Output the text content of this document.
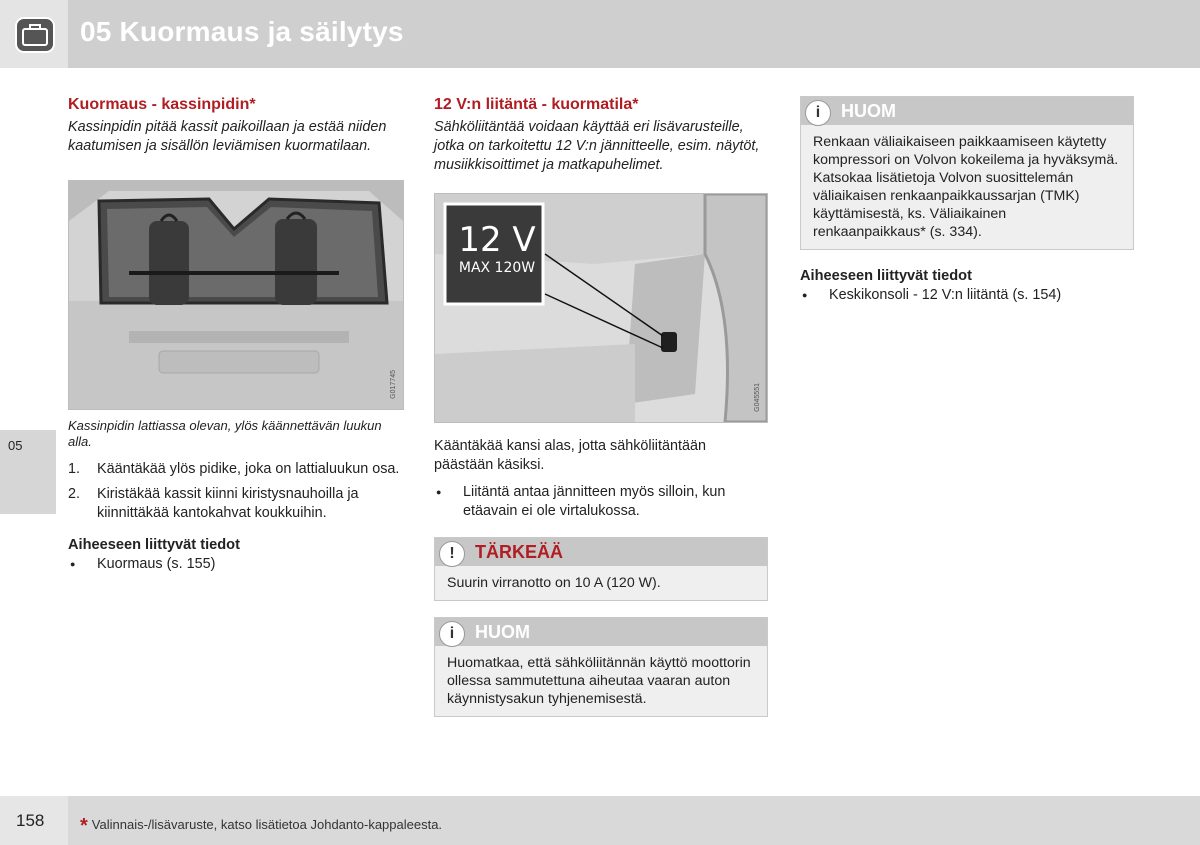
05 Kuormaus ja säilytys
05
Kuormaus - kassinpidin*

Kassinpidin pitää kassit paikoillaan ja estää niiden kaatumisen ja sisällön leviämisen kuormatilaan.

G017745
Kassinpidin lattiassa olevan, ylös käännettävän luukun alla.
1. Kääntäkää ylös pidike, joka on lattialuukun osa.
2. Kiristäkää kassit kiinni kiristysnauhoilla ja kiinnittäkää kantokahvat koukkuihin.
Aiheeseen liittyvät tiedot
● Kuormaus (s. 155)
12 V:n liitäntä - kuormatila*

Sähköliitäntää voidaan käyttää eri lisävarusteille, jotka on tarkoitettu 12 V:n jännitteelle, esim. näytöt, musiikkisoittimet ja matkapuhelimet.

12 V
MAX 120W
G045551

Kääntäkää kansi alas, jotta sähköliitäntään päästään käsiksi.

● Liitäntä antaa jännitteen myös silloin, kun etäavain ei ole virtalukossa.
!	TÄRKEÄÄ
Suurin virranotto on 10 A (120 W).
i	HUOM
Huomatkaa, että sähköliitännän käyttö moottorin ollessa sammutettuna aiheutaa vaaran auton käynnistysakun tyhjenemisestä.
i	HUOM
Renkaan väliaikaiseen paikkaamiseen käytetty kompressori on Volvon kokeilema ja hyväksymä. Katsokaa lisätietoja Volvon suosittelemán väliaikaisen renkaanpaikkaussarjan (TMK) käyttämisestä, ks. Väliaikainen renkaanpaikkaus* (s. 334).
Aiheeseen liittyvät tiedot
● Keskikonsoli - 12 V:n liitäntä (s. 154)
158 * Valinnais-/lisävaruste, katso lisätietoa Johdanto-kappaleesta.
